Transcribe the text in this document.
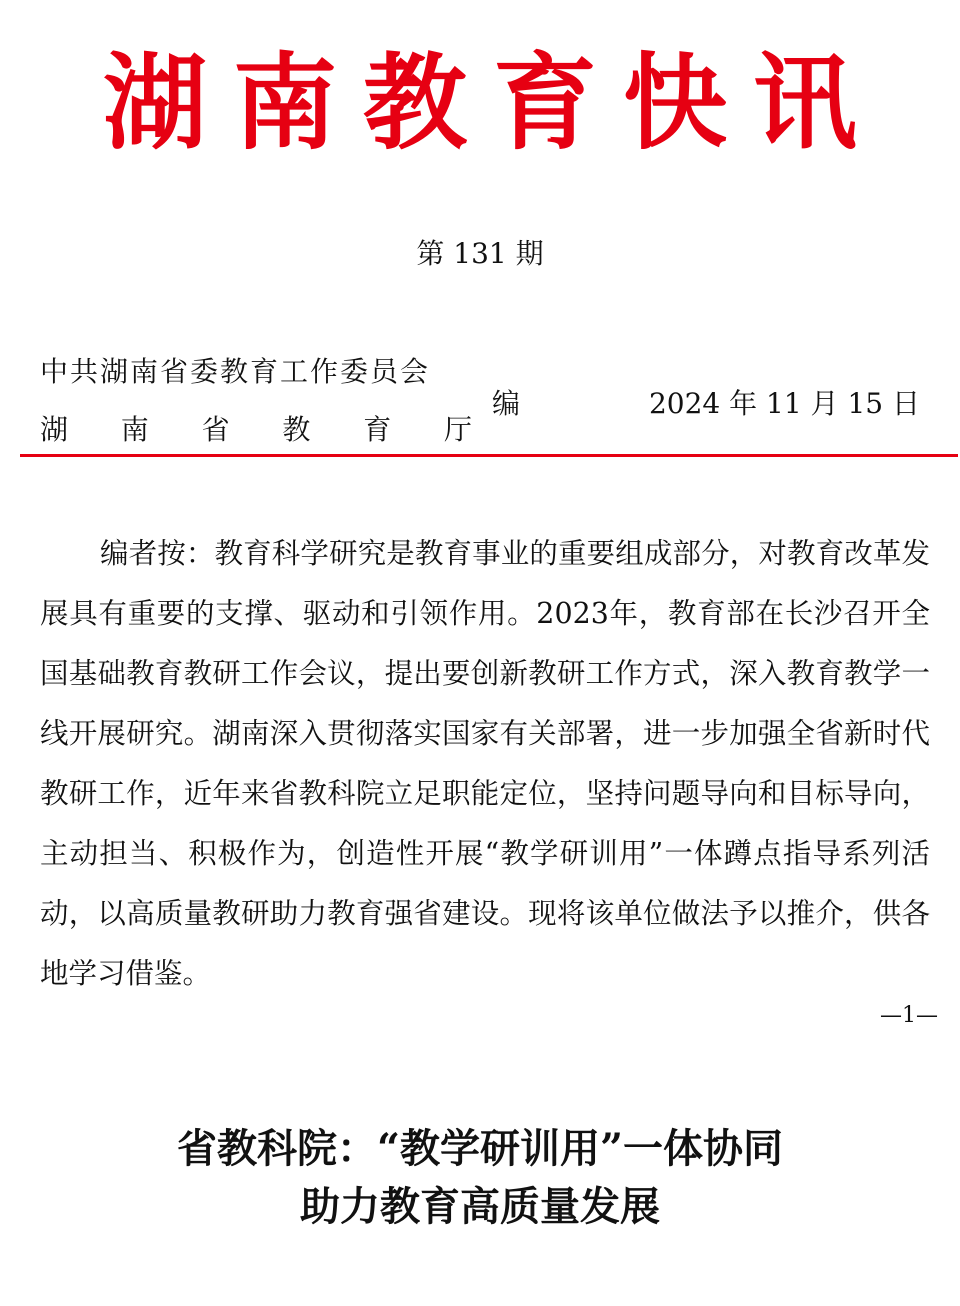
湖南教育快讯
第 131 期
中共湖南省委教育工作委员会
湖 南 省 教 育 厅
编	2024 年 11 月 15 日
编者按：教育科学研究是教育事业的重要组成部分，对教育改革发展具有重要的支撑、驱动和引领作用。2023年，教育部在长沙召开全国基础教育教研工作会议，提出要创新教研工作方式，深入教育教学一线开展研究。湖南深入贯彻落实国家有关部署，进一步加强全省新时代教研工作，近年来省教科院立足职能定位，坚持问题导向和目标导向，主动担当、积极作为，创造性开展“教学研训用”一体蹲点指导系列活动，以高质量教研助力教育强省建设。现将该单位做法予以推介，供各地学习借鉴。
—1—
省教科院：“教学研训用”一体协同
助力教育高质量发展
